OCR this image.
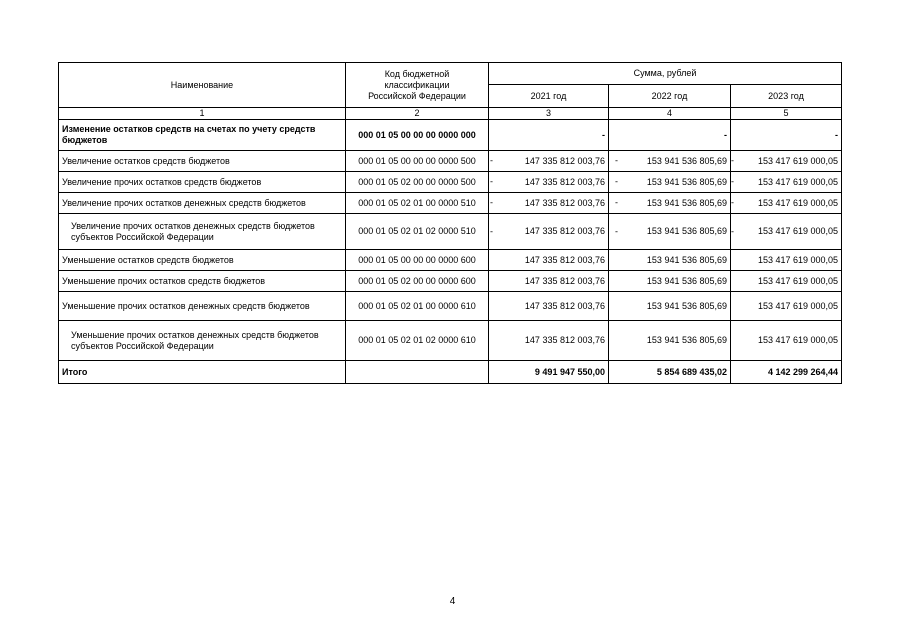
Наименование	Код бюджетной классификации Российской Федерации	Сумма, рублей		
		2021 год	2022 год	2023 год
1	2	3	4	5
Изменение остатков средств на счетах по учету средств бюджетов	000 01 05 00 00 00 0000 000	-	-	-
Увеличение остатков средств бюджетов	000 01 05 00 00 00 0000 500	- 147 335 812 003,76	- 153 941 536 805,69	- 153 417 619 000,05
Увеличение прочих остатков средств бюджетов	000 01 05 02 00 00 0000 500	- 147 335 812 003,76	- 153 941 536 805,69	- 153 417 619 000,05
Увеличение прочих остатков денежных средств бюджетов	000 01 05 02 01 00 0000 510	- 147 335 812 003,76	- 153 941 536 805,69	- 153 417 619 000,05
Увеличение прочих остатков денежных средств бюджетов субъектов Российской Федерации	000 01 05 02 01 02 0000 510	- 147 335 812 003,76	- 153 941 536 805,69	- 153 417 619 000,05
Уменьшение остатков средств бюджетов	000 01 05 00 00 00 0000 600	147 335 812 003,76	153 941 536 805,69	153 417 619 000,05
Уменьшение прочих остатков средств бюджетов	000 01 05 02 00 00 0000 600	147 335 812 003,76	153 941 536 805,69	153 417 619 000,05
Уменьшение прочих остатков денежных средств бюджетов	000 01 05 02 01 00 0000 610	147 335 812 003,76	153 941 536 805,69	153 417 619 000,05
Уменьшение прочих остатков денежных средств бюджетов субъектов Российской Федерации	000 01 05 02 01 02 0000 610	147 335 812 003,76	153 941 536 805,69	153 417 619 000,05
Итого		9 491 947 550,00	5 854 689 435,02	4 142 299 264,44
4
